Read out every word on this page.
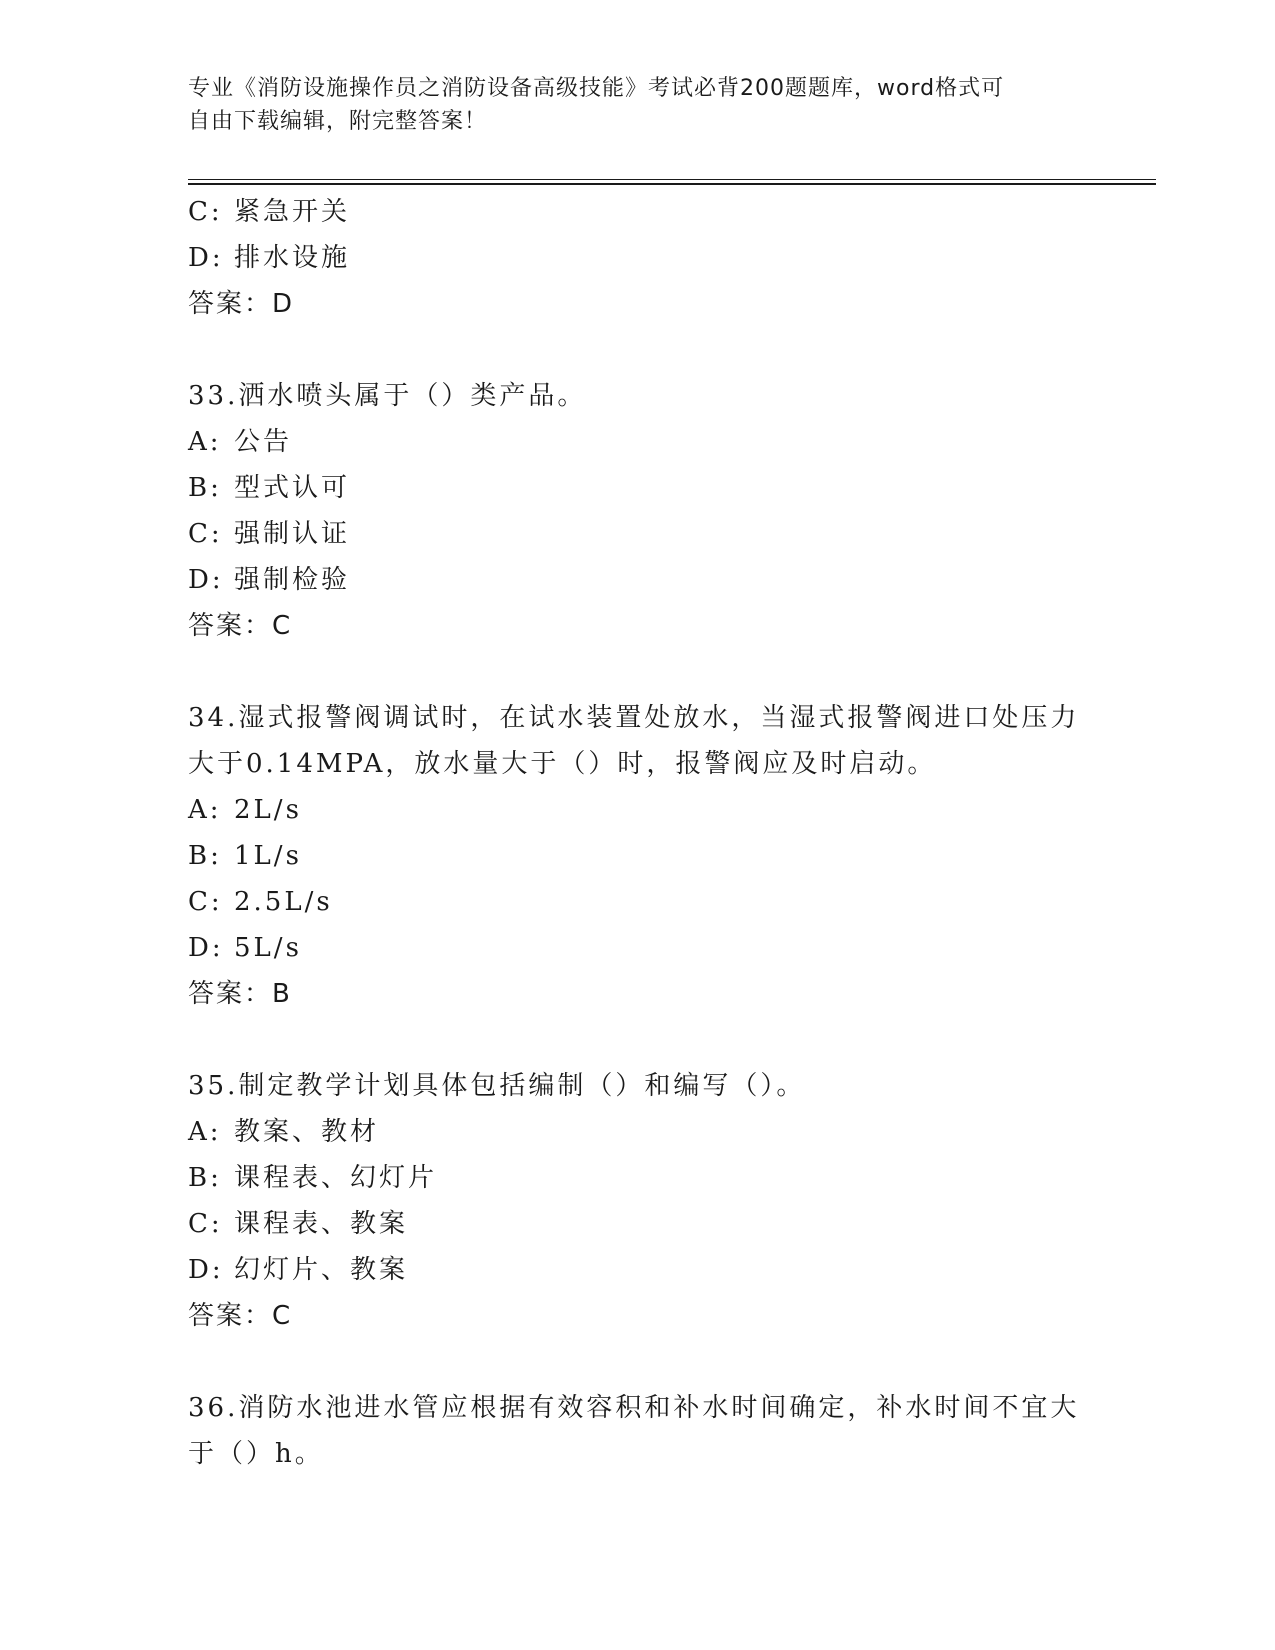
专业《消防设施操作员之消防设备高级技能》考试必背200题题库，word格式可
自由下载编辑，附完整答案！
C: 紧急开关
D: 排水设施
答案：D
33.洒水喷头属于（）类产品。
A: 公告
B: 型式认可
C: 强制认证
D: 强制检验
答案：C
34.湿式报警阀调试时，在试水装置处放水，当湿式报警阀进口处压力
大于0.14MPA，放水量大于（）时，报警阀应及时启动。
A: 2L/s
B: 1L/s
C: 2.5L/s
D: 5L/s
答案：B
35.制定教学计划具体包括编制（）和编写（）。
A: 教案、教材
B: 课程表、幻灯片
C: 课程表、教案
D: 幻灯片、教案
答案：C
36.消防水池进水管应根据有效容积和补水时间确定，补水时间不宜大
于（）h。
